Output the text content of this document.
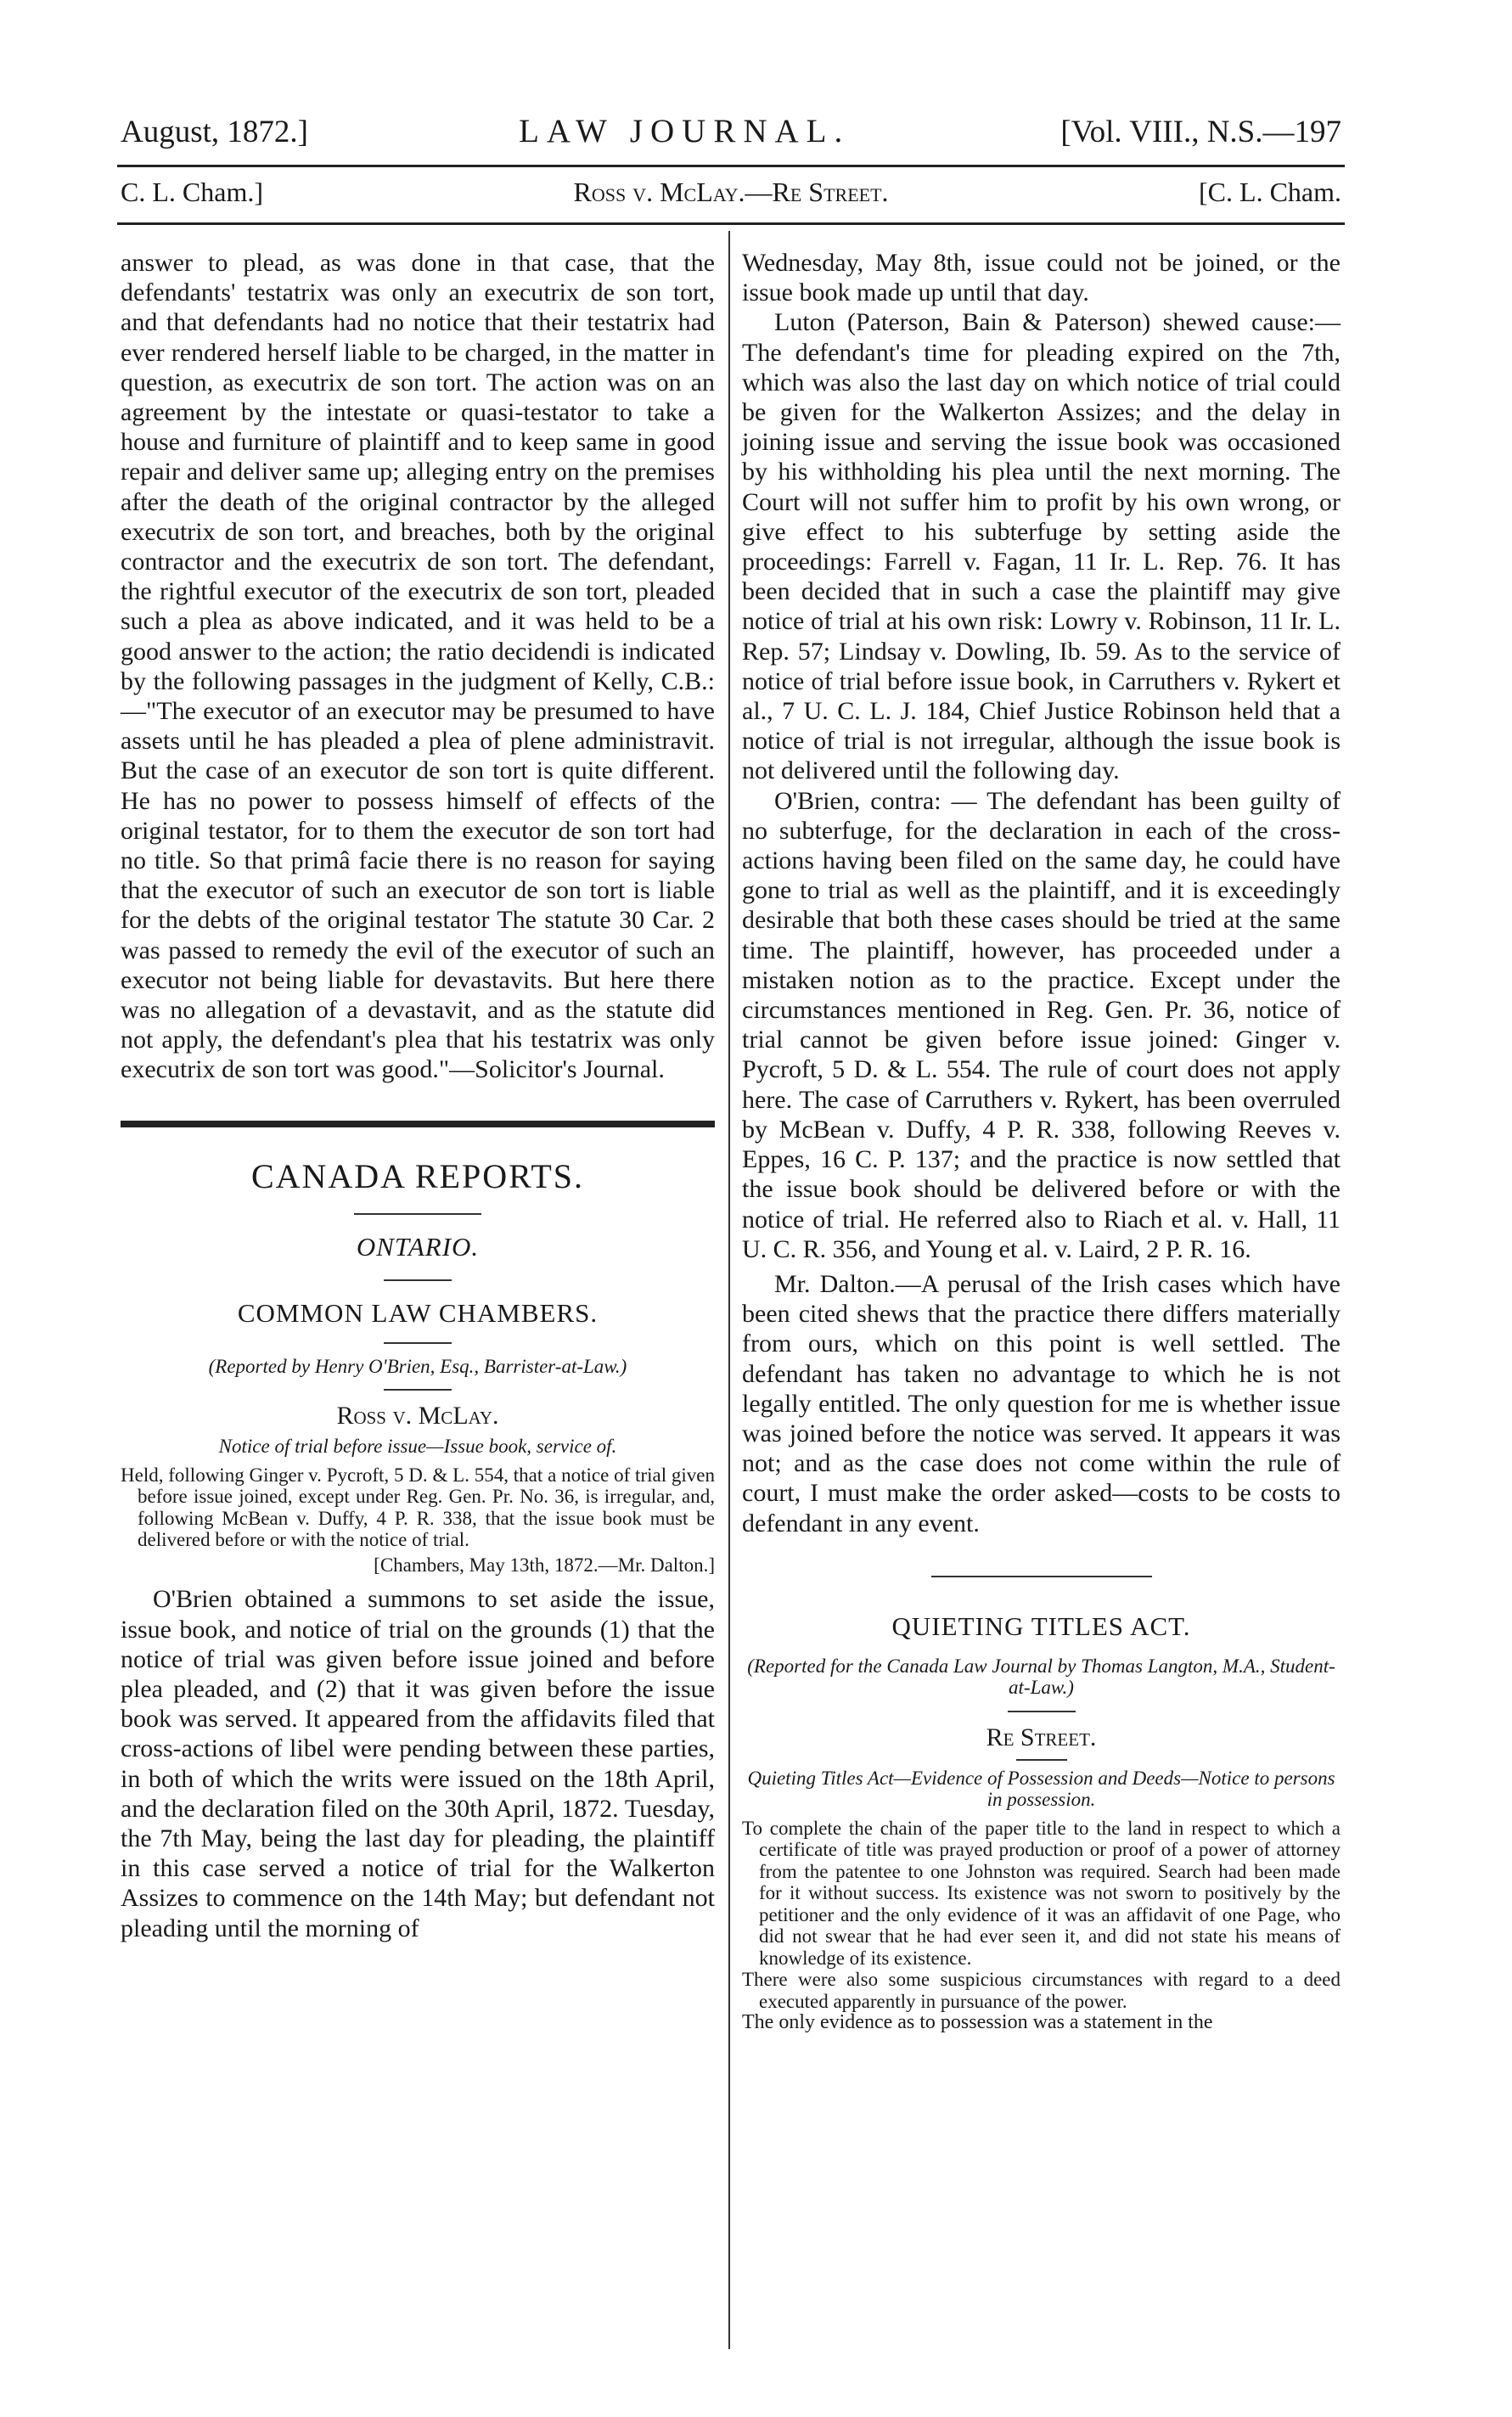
August, 1872.]	LAW JOURNAL.	[Vol. VIII., N.S.—197
C. L. Cham.]	Ross v. McLay.—Re Street.	[C. L. Cham.

answer to plead, as was done in that case, that the defendants' testatrix was only an executrix de son tort, and that defendants had no notice that their testatrix had ever rendered herself liable to be charged, in the matter in question, as executrix de son tort. The action was on an agreement by the intestate or quasi-testator to take a house and furniture of plaintiff and to keep same in good repair and deliver same up; alleging entry on the premises after the death of the original contractor by the alleged executrix de son tort, and breaches, both by the original contractor and the executrix de son tort. The defendant, the rightful executor of the executrix de son tort, pleaded such a plea as above indicated, and it was held to be a good answer to the action; the ratio decidendi is indicated by the following passages in the judgment of Kelly, C.B.:—"The executor of an executor may be presumed to have assets until he has pleaded a plea of plene administravit. But the case of an executor de son tort is quite different. He has no power to possess himself of effects of the original testator, for to them the executor de son tort had no title. So that primâ facie there is no reason for saying that the executor of such an executor de son tort is liable for the debts of the original testator The statute 30 Car. 2 was passed to remedy the evil of the executor of such an executor not being liable for devastavits. But here there was no allegation of a devastavit, and as the statute did not apply, the defendant's plea that his testatrix was only executrix de son tort was good."—Solicitor's Journal.

CANADA REPORTS.

ONTARIO.

COMMON LAW CHAMBERS.

(Reported by Henry O'Brien, Esq., Barrister-at-Law.)

Ross v. McLay.

Notice of trial before issue—Issue book, service of.

Held, following Ginger v. Pycroft, 5 D. & L. 554, that a notice of trial given before issue joined, except under Reg. Gen. Pr. No. 36, is irregular, and, following McBean v. Duffy, 4 P. R. 338, that the issue book must be delivered before or with the notice of trial.

[Chambers, May 13th, 1872.—Mr. Dalton.]

O'Brien obtained a summons to set aside the issue, issue book, and notice of trial on the grounds (1) that the notice of trial was given before issue joined and before plea pleaded, and (2) that it was given before the issue book was served. It appeared from the affidavits filed that cross-actions of libel were pending between these parties, in both of which the writs were issued on the 18th April, and the declaration filed on the 30th April, 1872. Tuesday, the 7th May, being the last day for pleading, the plaintiff in this case served a notice of trial for the Walkerton Assizes to commence on the 14th May; but defendant not pleading until the morning of

Wednesday, May 8th, issue could not be joined, or the issue book made up until that day.

Luton (Paterson, Bain & Paterson) shewed cause:—The defendant's time for pleading expired on the 7th, which was also the last day on which notice of trial could be given for the Walkerton Assizes; and the delay in joining issue and serving the issue book was occasioned by his withholding his plea until the next morning. The Court will not suffer him to profit by his own wrong, or give effect to his subterfuge by setting aside the proceedings: Farrell v. Fagan, 11 Ir. L. Rep. 76. It has been decided that in such a case the plaintiff may give notice of trial at his own risk: Lowry v. Robinson, 11 Ir. L. Rep. 57; Lindsay v. Dowling, Ib. 59. As to the service of notice of trial before issue book, in Carruthers v. Rykert et al., 7 U. C. L. J. 184, Chief Justice Robinson held that a notice of trial is not irregular, although the issue book is not delivered until the following day.

O'Brien, contra: — The defendant has been guilty of no subterfuge, for the declaration in each of the cross-actions having been filed on the same day, he could have gone to trial as well as the plaintiff, and it is exceedingly desirable that both these cases should be tried at the same time. The plaintiff, however, has proceeded under a mistaken notion as to the practice. Except under the circumstances mentioned in Reg. Gen. Pr. 36, notice of trial cannot be given before issue joined: Ginger v. Pycroft, 5 D. & L. 554. The rule of court does not apply here. The case of Carruthers v. Rykert, has been overruled by McBean v. Duffy, 4 P. R. 338, following Reeves v. Eppes, 16 C. P. 137; and the practice is now settled that the issue book should be delivered before or with the notice of trial. He referred also to Riach et al. v. Hall, 11 U. C. R. 356, and Young et al. v. Laird, 2 P. R. 16.

Mr. Dalton.—A perusal of the Irish cases which have been cited shews that the practice there differs materially from ours, which on this point is well settled. The defendant has taken no advantage to which he is not legally entitled. The only question for me is whether issue was joined before the notice was served. It appears it was not; and as the case does not come within the rule of court, I must make the order asked—costs to be costs to defendant in any event.

QUIETING TITLES ACT.

(Reported for the Canada Law Journal by Thomas Langton, M.A., Student-at-Law.)

Re Street.

Quieting Titles Act—Evidence of Possession and Deeds—Notice to persons in possession.

To complete the chain of the paper title to the land in respect to which a certificate of title was prayed production or proof of a power of attorney from the patentee to one Johnston was required. Search had been made for it without success. Its existence was not sworn to positively by the petitioner and the only evidence of it was an affidavit of one Page, who did not swear that he had ever seen it, and did not state his means of knowledge of its existence.

There were also some suspicious circumstances with regard to a deed executed apparently in pursuance of the power.

The only evidence as to possession was a statement in the
